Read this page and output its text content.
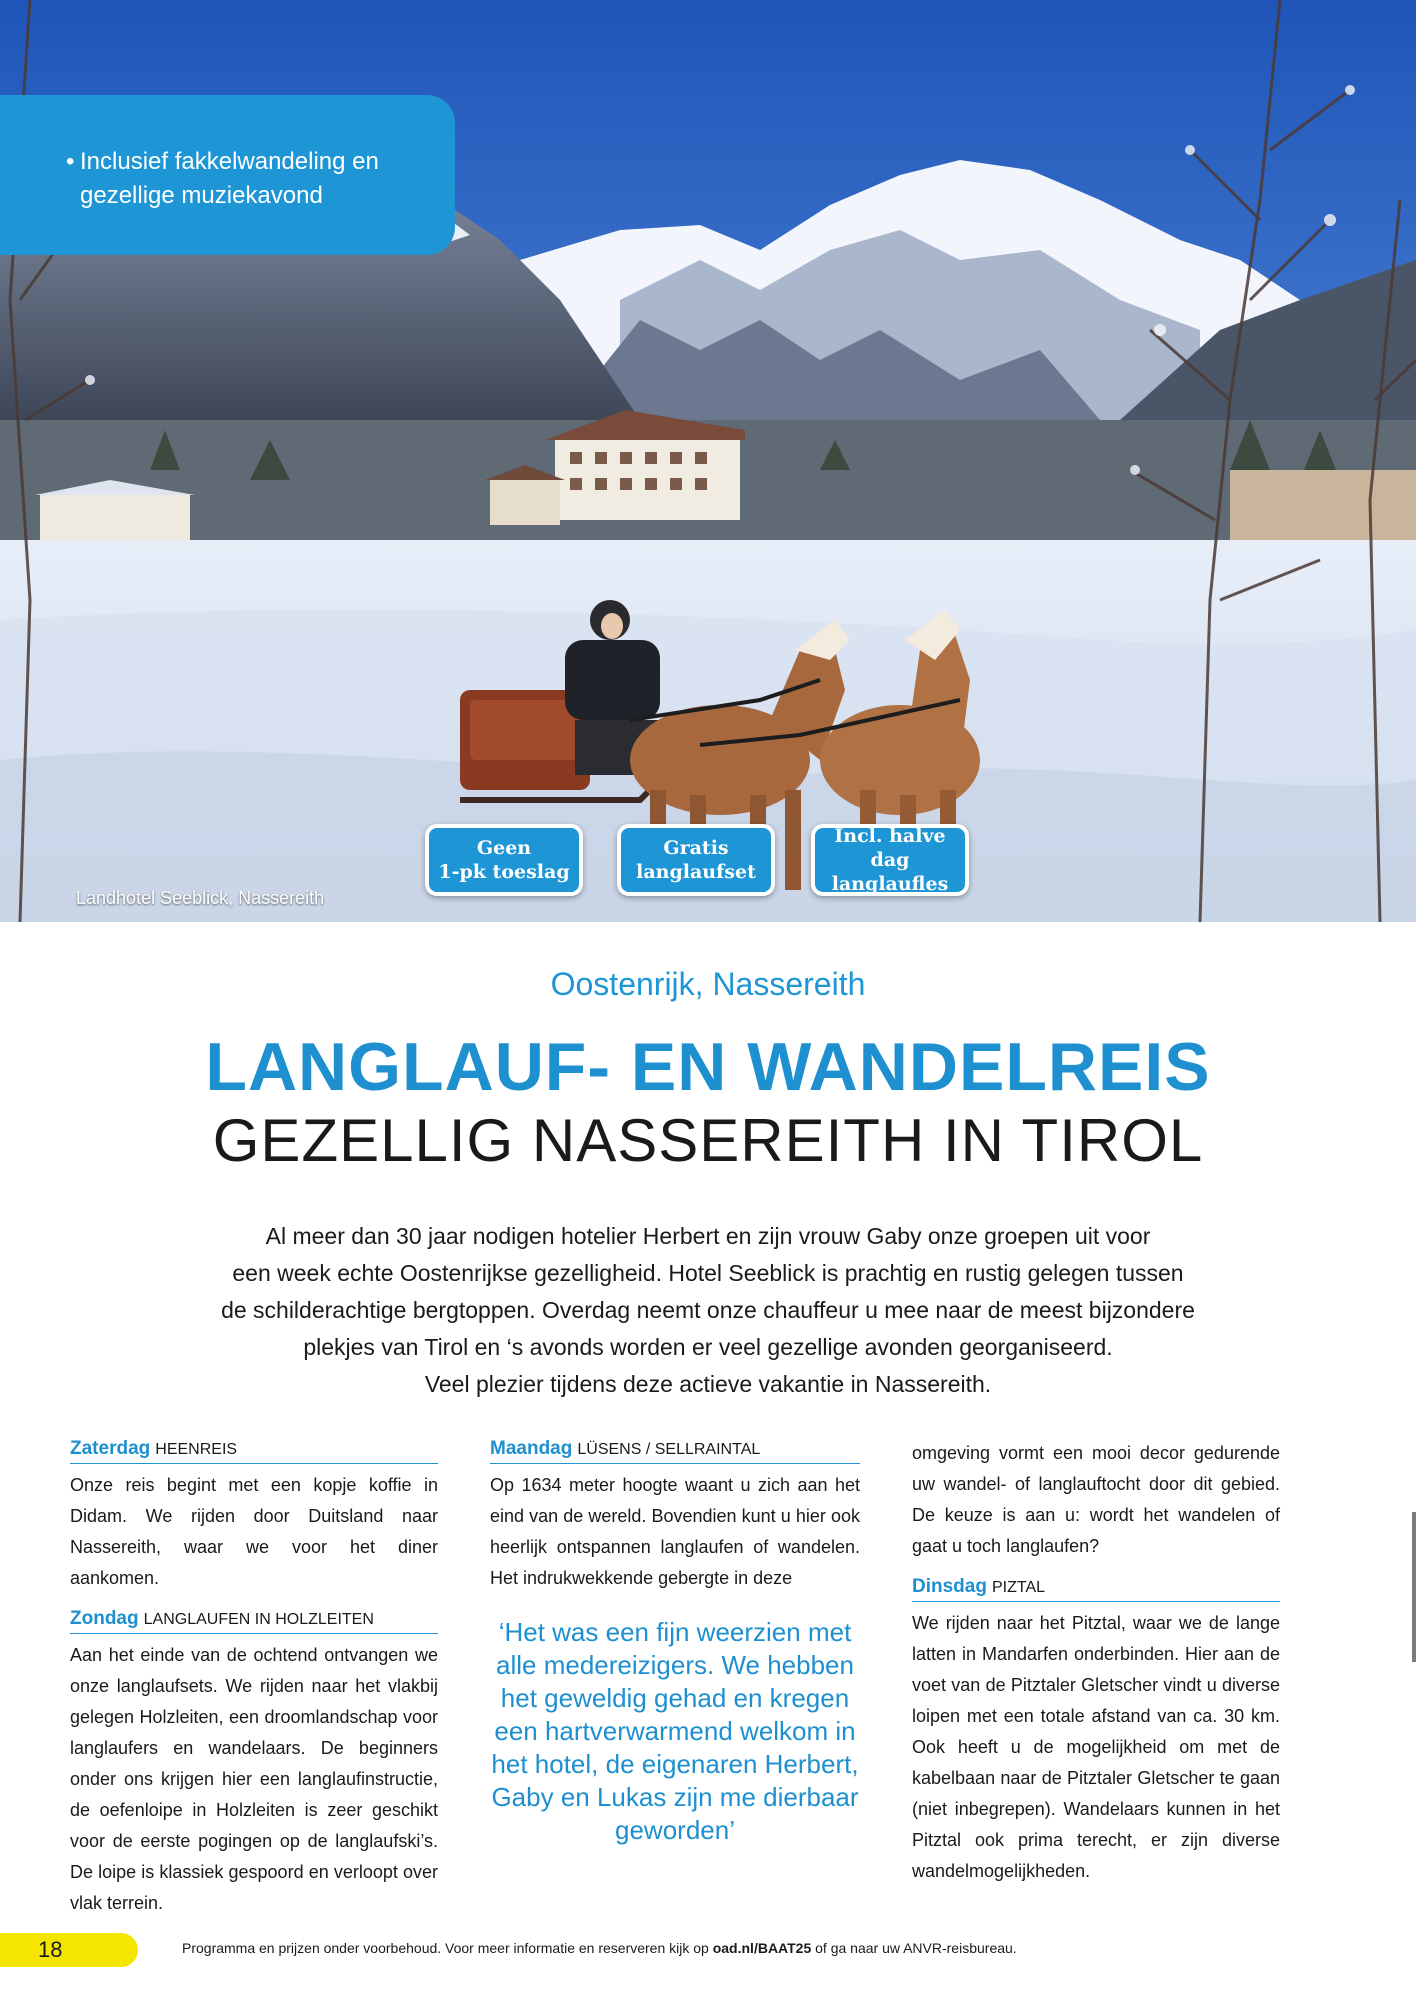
• Inclusief fakkelwandeling en
gezellige muziekavond
Landhotel Seeblick, Nassereith
Geen
1-pk toeslag
Gratis
langlaufset
Incl. halve dag
langlaufles
Oostenrijk, Nassereith
LANGLAUF- EN WANDELREIS
GEZELLIG NASSEREITH IN TIROL

Al meer dan 30 jaar nodigen hotelier Herbert en zijn vrouw Gaby onze groepen uit voor

een week echte Oostenrijkse gezelligheid. Hotel Seeblick is prachtig en rustig gelegen tussen

de schilderachtige bergtoppen. Overdag neemt onze chauffeur u mee naar de meest bijzondere

plekjes van Tirol en ‘s avonds worden er veel gezellige avonden georganiseerd.

Veel plezier tijdens deze actieve vakantie in Nassereith.

Zaterdag HEENREIS

Onze reis begint met een kopje koffie in Didam. We rijden door Duitsland naar Nassereith, waar we voor het diner aankomen.

Zondag LANGLAUFEN IN HOLZLEITEN

Aan het einde van de ochtend ontvangen we onze langlaufsets. We rijden naar het vlakbij gelegen Holzleiten, een droomlandschap voor langlaufers en wandelaars. De beginners onder ons krijgen hier een langlaufinstructie, de oefenloipe in Holzleiten is zeer geschikt voor de eerste pogingen op de langlaufski’s. De loipe is klassiek gespoord en verloopt over vlak terrein.

Maandag LÜSENS / SELLRAINTAL

Op 1634 meter hoogte waant u zich aan het eind van de wereld. Bovendien kunt u hier ook heerlijk ontspannen langlaufen of wandelen. Het indrukwekkende gebergte in deze

‘Het was een fijn weerzien met alle medereizigers. We hebben het geweldig gehad en kregen een hartverwarmend welkom in het hotel, de eigenaren Herbert, Gaby en Lukas zijn me dierbaar geworden’

omgeving vormt een mooi decor gedurende uw wandel- of langlauftocht door dit gebied. De keuze is aan u: wordt het wandelen of gaat u toch langlaufen?

Dinsdag PIZTAL

We rijden naar het Pitztal, waar we de lange latten in Mandarfen onderbinden. Hier aan de voet van de Pitztaler Gletscher vindt u diverse loipen met een totale afstand van ca. 30 km. Ook heeft u de mogelijkheid om met de kabelbaan naar de Pitztaler Gletscher te gaan (niet inbegrepen). Wandelaars kunnen in het Pitztal ook prima terecht, er zijn diverse wandelmogelijkheden.

18	Programma en prijzen onder voorbehoud. Voor meer informatie en reserveren kijk op oad.nl/BAAT25 of ga naar uw ANVR-reisbureau.
